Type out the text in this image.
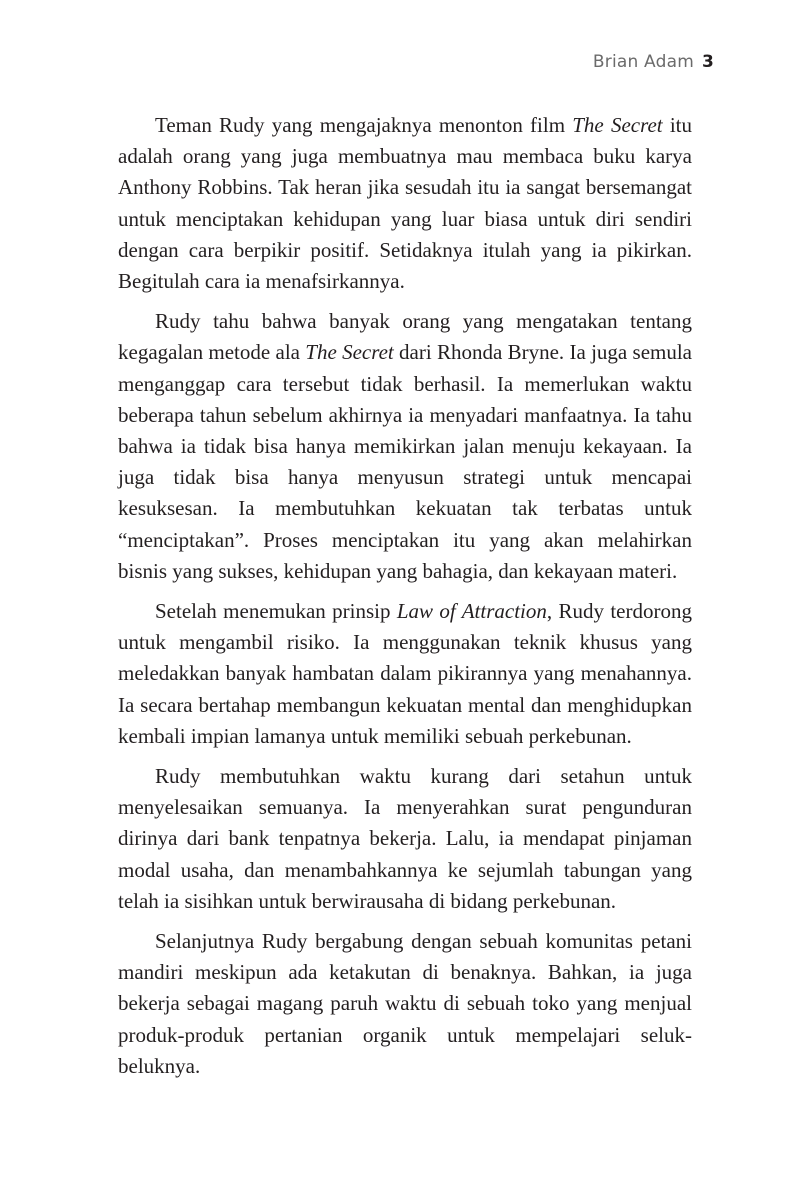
Brian Adam 3

Teman Rudy yang mengajaknya menonton film The Secret itu adalah orang yang juga membuatnya mau membaca buku karya Anthony Robbins. Tak heran jika sesudah itu ia sangat bersemangat untuk menciptakan kehidupan yang luar biasa untuk diri sendiri dengan cara berpikir positif. Setidaknya itulah yang ia pikirkan. Begitulah cara ia menafsirkannya.

Rudy tahu bahwa banyak orang yang mengatakan tentang kegagalan metode ala The Secret dari Rhonda Bryne. Ia juga semula menganggap cara tersebut tidak berhasil. Ia memerlukan waktu beberapa tahun sebelum akhirnya ia menyadari manfaatnya. Ia tahu bahwa ia tidak bisa hanya memikirkan jalan menuju kekayaan. Ia juga tidak bisa hanya menyusun strategi untuk mencapai kesuksesan. Ia membutuhkan kekuatan tak terbatas untuk “menciptakan”. Proses menciptakan itu yang akan melahirkan bisnis yang sukses, kehidupan yang bahagia, dan kekayaan materi.

Setelah menemukan prinsip Law of Attraction, Rudy terdorong untuk mengambil risiko. Ia menggunakan teknik khusus yang meledakkan banyak hambatan dalam pikirannya yang menahannya. Ia secara bertahap membangun kekuatan mental dan menghidupkan kembali impian lamanya untuk memiliki sebuah perkebunan.

Rudy membutuhkan waktu kurang dari setahun untuk menyelesaikan semuanya. Ia menyerahkan surat pengunduran dirinya dari bank tenpatnya bekerja. Lalu, ia mendapat pinjaman modal usaha, dan menambahkannya ke sejumlah tabungan yang telah ia sisihkan untuk berwirausaha di bidang perkebunan.

Selanjutnya Rudy bergabung dengan sebuah komunitas petani mandiri meskipun ada ketakutan di benaknya. Bahkan, ia juga bekerja sebagai magang paruh waktu di sebuah toko yang menjual produk-produk pertanian organik untuk mempelajari seluk-beluknya.
